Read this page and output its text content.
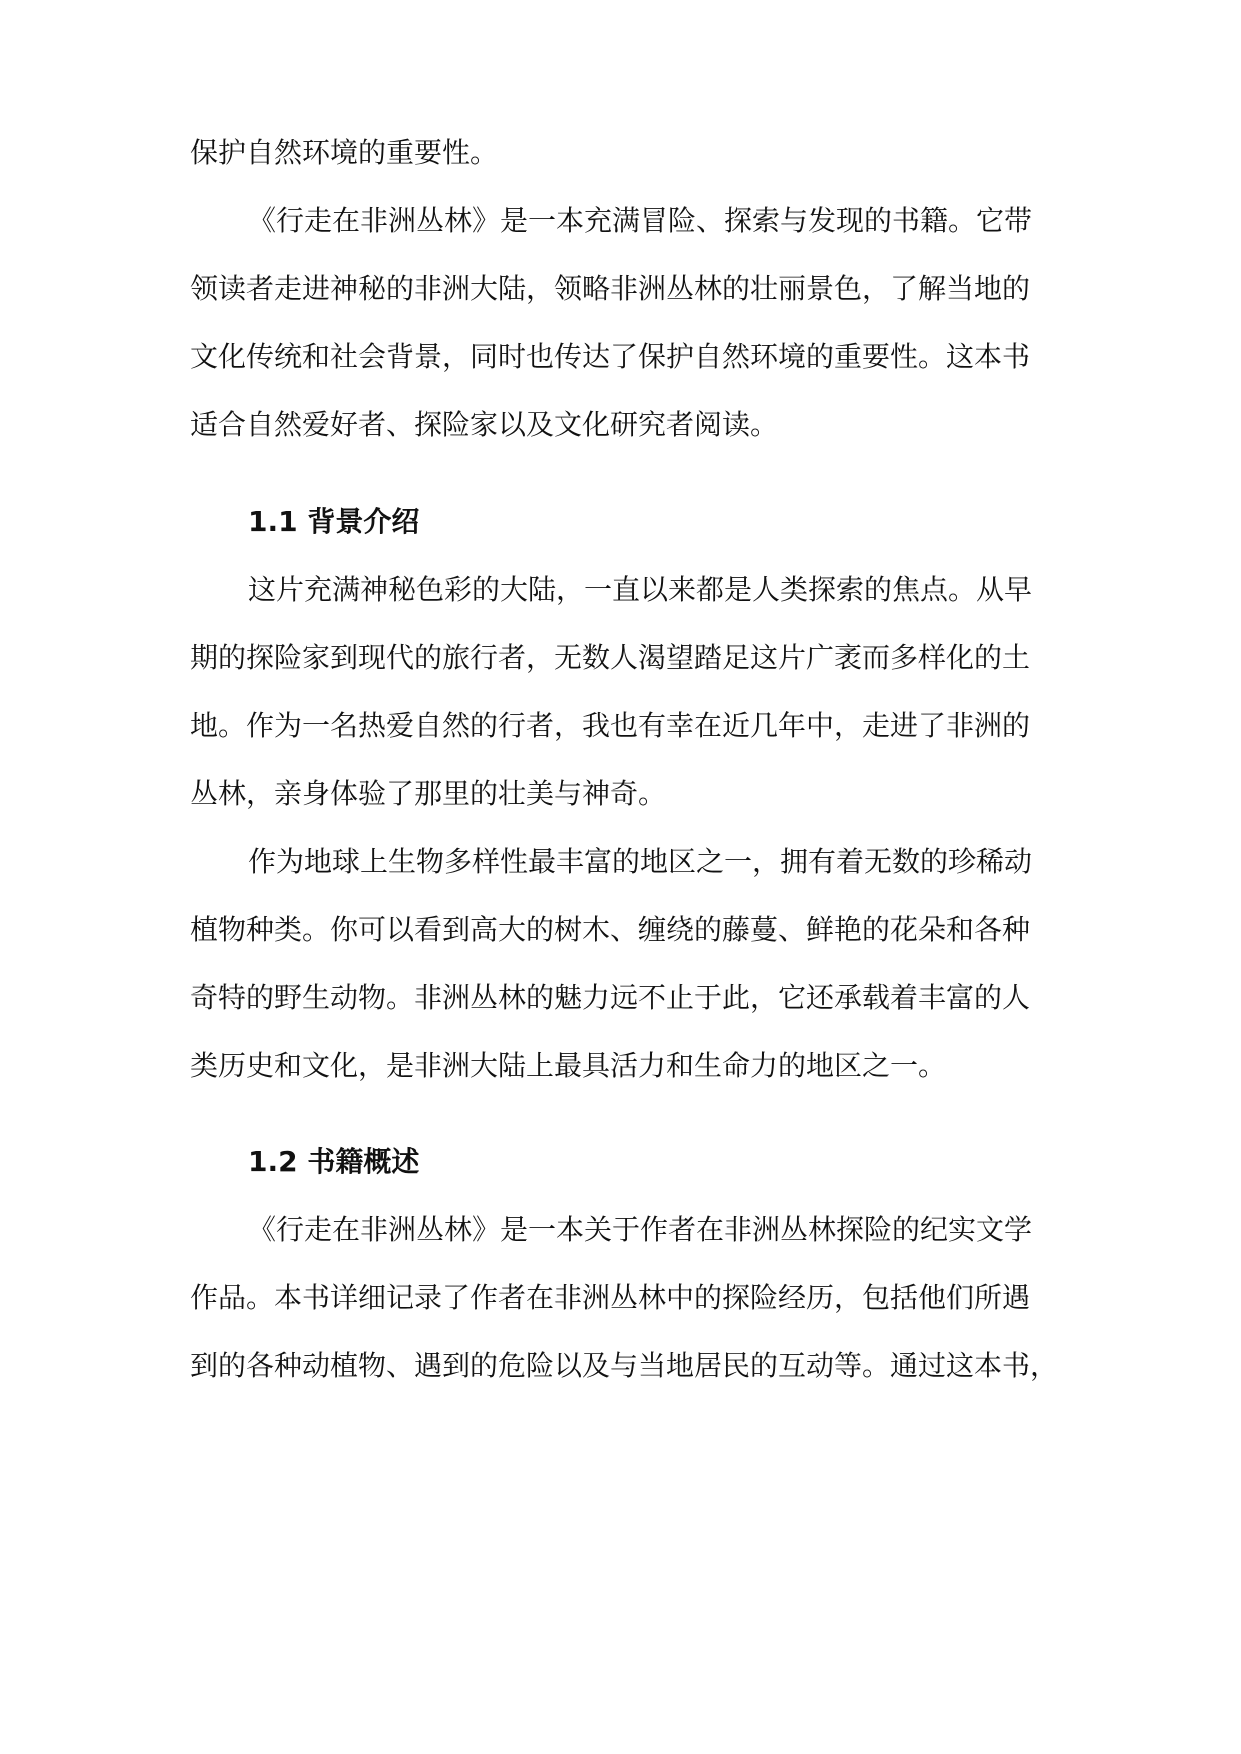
保护自然环境的重要性。
《行走在非洲丛林》是一本充满冒险、探索与发现的书籍。它带
领读者走进神秘的非洲大陆，领略非洲丛林的壮丽景色，了解当地的
文化传统和社会背景，同时也传达了保护自然环境的重要性。这本书
适合自然爱好者、探险家以及文化研究者阅读。
1.1 背景介绍
这片充满神秘色彩的大陆，一直以来都是人类探索的焦点。从早
期的探险家到现代的旅行者，无数人渴望踏足这片广袤而多样化的土
地。作为一名热爱自然的行者，我也有幸在近几年中，走进了非洲的
丛林，亲身体验了那里的壮美与神奇。
作为地球上生物多样性最丰富的地区之一，拥有着无数的珍稀动
植物种类。你可以看到高大的树木、缠绕的藤蔓、鲜艳的花朵和各种
奇特的野生动物。非洲丛林的魅力远不止于此，它还承载着丰富的人
类历史和文化，是非洲大陆上最具活力和生命力的地区之一。
1.2 书籍概述
《行走在非洲丛林》是一本关于作者在非洲丛林探险的纪实文学
作品。本书详细记录了作者在非洲丛林中的探险经历，包括他们所遇
到的各种动植物、遇到的危险以及与当地居民的互动等。通过这本书，
